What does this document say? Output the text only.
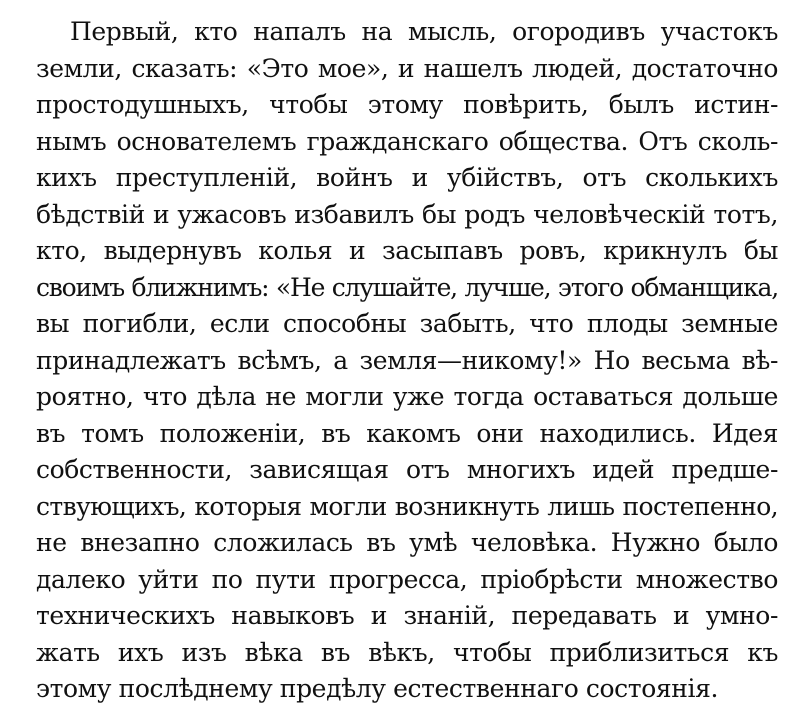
Первый, кто напалъ на мысль, огородивъ участокъ
земли, сказать: «Это мое», и нашелъ людей, достаточно
простодушныхъ, чтобы этому повѣрить, былъ истин-
нымъ основателемъ гражданскаго общества. Отъ сколь-
кихъ преступленій, войнъ и убійствъ, отъ сколькихъ
бѣдствій и ужасовъ избавилъ бы родъ человѣческій тотъ,
кто, выдернувъ колья и засыпавъ ровъ, крикнулъ бы
своимъ ближнимъ: «Не слушайте, лучше, этого обманщика,
вы погибли, если способны забыть, что плоды земные
принадлежатъ всѣмъ, а земля—никому!» Но весьма вѣ-
роятно, что дѣла не могли уже тогда оставаться дольше
въ томъ положеніи, въ какомъ они находились. Идея
собственности, зависящая отъ многихъ идей предше-
ствующихъ, которыя могли возникнуть лишь постепенно,
не внезапно сложилась въ умѣ человѣка. Нужно было
далеко уйти по пути прогресса, пріобрѣсти множество
техническихъ навыковъ и знаній, передавать и умно-
жать ихъ изъ вѣка въ вѣкъ, чтобы приблизиться къ
этому послѣднему предѣлу естественнаго состоянія.
